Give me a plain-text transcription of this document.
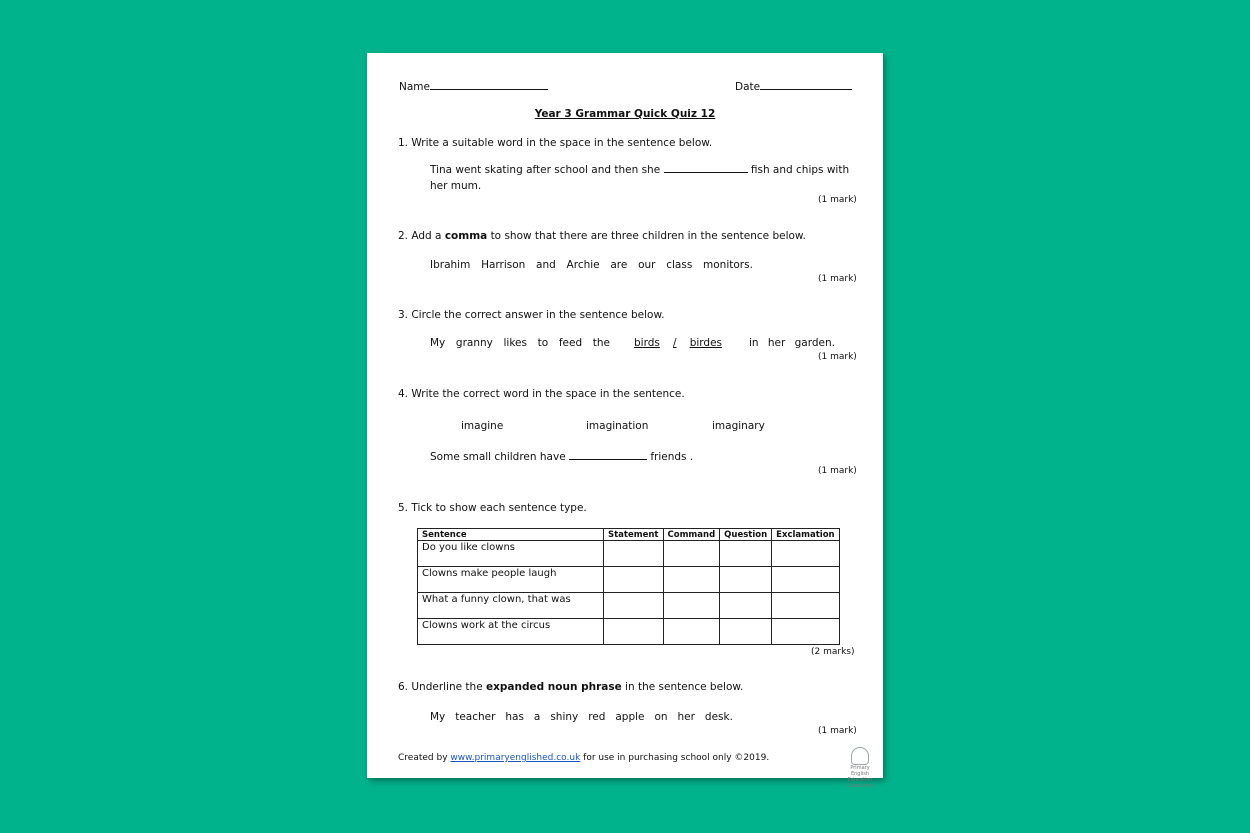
Name	Date
Year 3 Grammar Quick Quiz 12
1. Write a suitable word in the space in the sentence below.
Tina went skating after school and then she	fish and chips with
her mum.
(1 mark)
2. Add a comma to show that there are three children in the sentence below.
Ibrahim Harrison and Archie are our class monitors.
(1 mark)
3. Circle the correct answer in the sentence below.
My granny likes to feed the birds / birdes	in her garden.
(1 mark)
4. Write the correct word in the space in the sentence.
imagine	imagination	imaginary
Some small children have	friends .
(1 mark)
5. Tick to show each sentence type.
Sentence	Statement	Command	Question	Exclamation
Do you like clowns				
Clowns make people laugh				
What a funny clown, that was				
Clowns work at the circus				
(2 marks)
6. Underline the expanded noun phrase in the sentence below.
My teacher has a shiny red apple on her desk.
(1 mark)
Created by www.primaryenglished.co.uk for use in purchasing school only ©2019.
Primary English
Education Consulting
